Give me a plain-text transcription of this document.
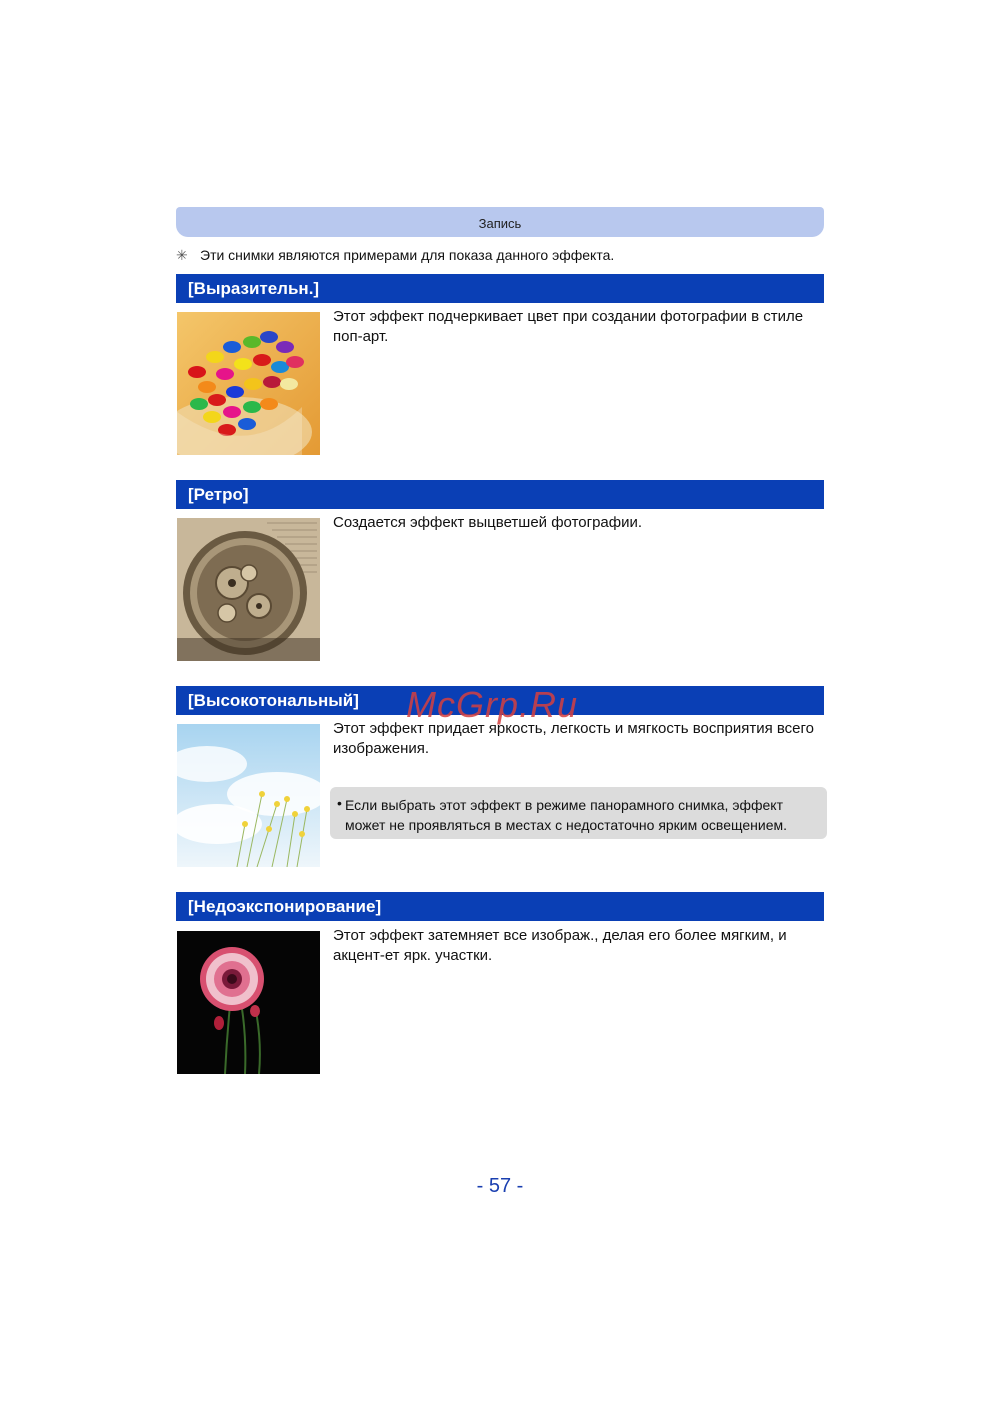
Запись
✳ Эти снимки являются примерами для показа данного эффекта.
[Выразительн.]
Этот эффект подчеркивает цвет при создании фотографии в стиле поп-арт.
[Ретро]
Создается эффект выцветшей фотографии.
[Высокотональный]
Этот эффект придает яркость, легкость и мягкость восприятия всего изображения.
• Если выбрать этот эффект в режиме панорамного снимка, эффект может не проявляться в местах с недостаточно ярким освещением.
McGrp.Ru
[Недоэкспонирование]
Этот эффект затемняет все изображ., делая его более мягким, и акцент-ет ярк. участки.
- 57 -
